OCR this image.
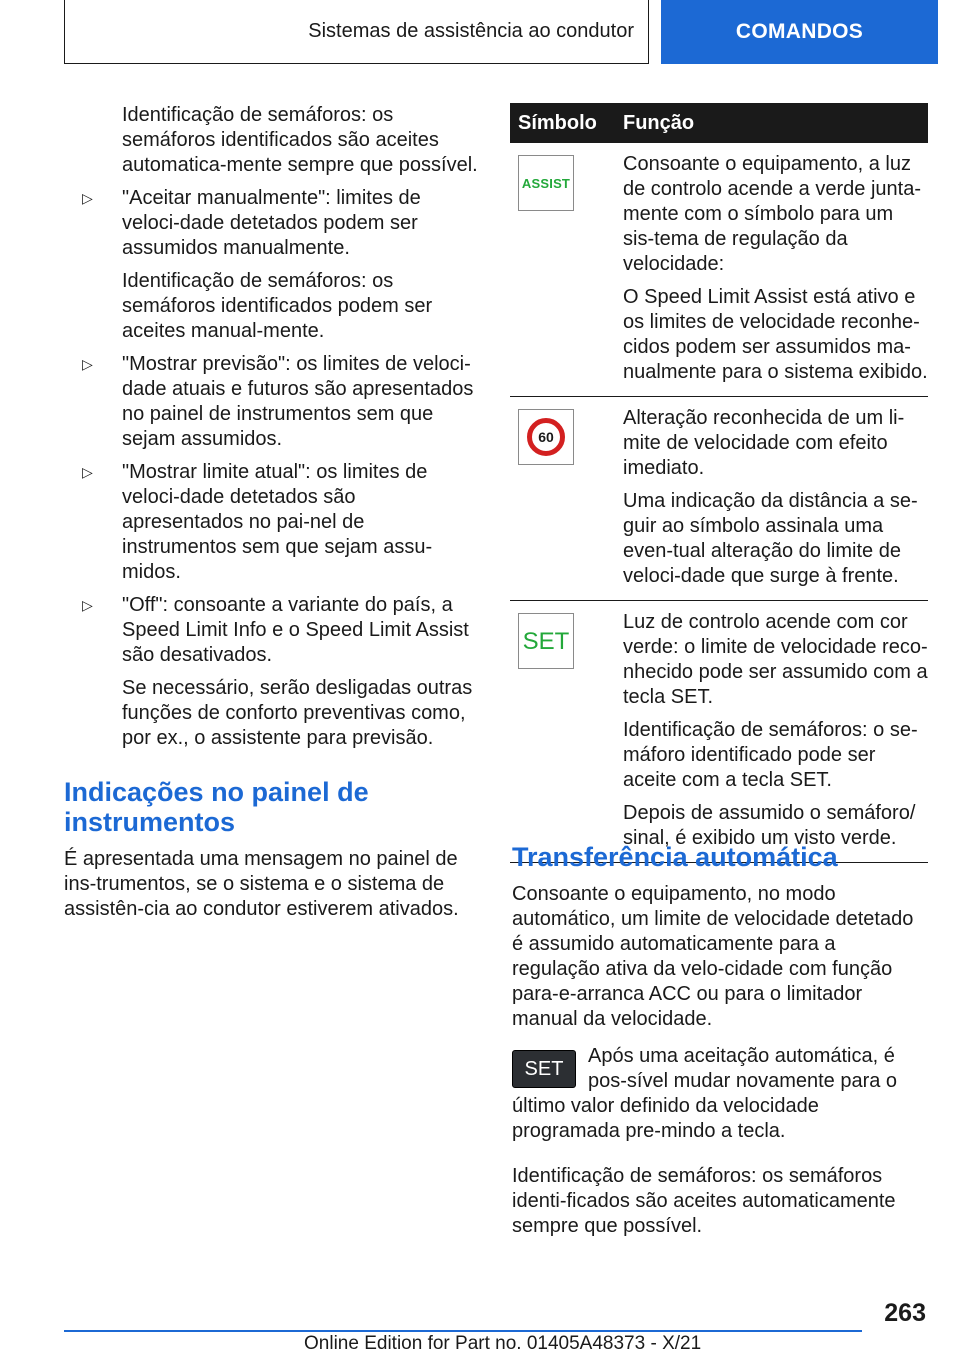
Sistemas de assistência ao condutor	COMANDOS

Identificação de semáforos: os semáforos identificados são aceites automatica-mente sempre que possível.

▷ "Aceitar manualmente": limites de veloci-dade detetados podem ser assumidos manualmente.

Identificação de semáforos: os semáforos identificados podem ser aceites manual-mente.

▷ "Mostrar previsão": os limites de veloci-dade atuais e futuros são apresentados no painel de instrumentos sem que sejam assumidos.

▷ "Mostrar limite atual": os limites de veloci-dade detetados são apresentados no pai-nel de instrumentos sem que sejam assu-midos.

▷ "Off": consoante a variante do país, a Speed Limit Info e o Speed Limit Assist são desativados.

Se necessário, serão desligadas outras funções de conforto preventivas como, por ex., o assistente para previsão.

Indicações no painel de instrumentos

É apresentada uma mensagem no painel de ins-trumentos, se o sistema e o sistema de assistên-cia ao condutor estiverem ativados.

Símbolo	Função
ASSIST

Consoante o equipamento, a luz de controlo acende a verde junta-mente com o símbolo para um sis-tema de regulação da velocidade:

O Speed Limit Assist está ativo e os limites de velocidade reconhe-cidos podem ser assumidos ma-nualmente para o sistema exibido.

60

Alteração reconhecida de um li-mite de velocidade com efeito imediato.

Uma indicação da distância a se-guir ao símbolo assinala uma even-tual alteração do limite de veloci-dade que surge à frente.

SET

Luz de controlo acende com cor verde: o limite de velocidade reco-nhecido pode ser assumido com a tecla SET.

Identificação de semáforos: o se-máforo identificado pode ser aceite com a tecla SET.

Depois de assumido o semáforo/ sinal, é exibido um visto verde.

Transferência automática

Consoante o equipamento, no modo automático, um limite de velocidade detetado é assumido automaticamente para a regulação ativa da velo-cidade com função para-e-arranca ACC ou para o limitador manual da velocidade.

SET

Após uma aceitação automática, é pos-sível mudar novamente para o último valor definido da velocidade programada pre-mindo a tecla.

Identificação de semáforos: os semáforos identi-ficados são aceites automaticamente sempre que possível.

263
Online Edition for Part no. 01405A48373 - X/21
